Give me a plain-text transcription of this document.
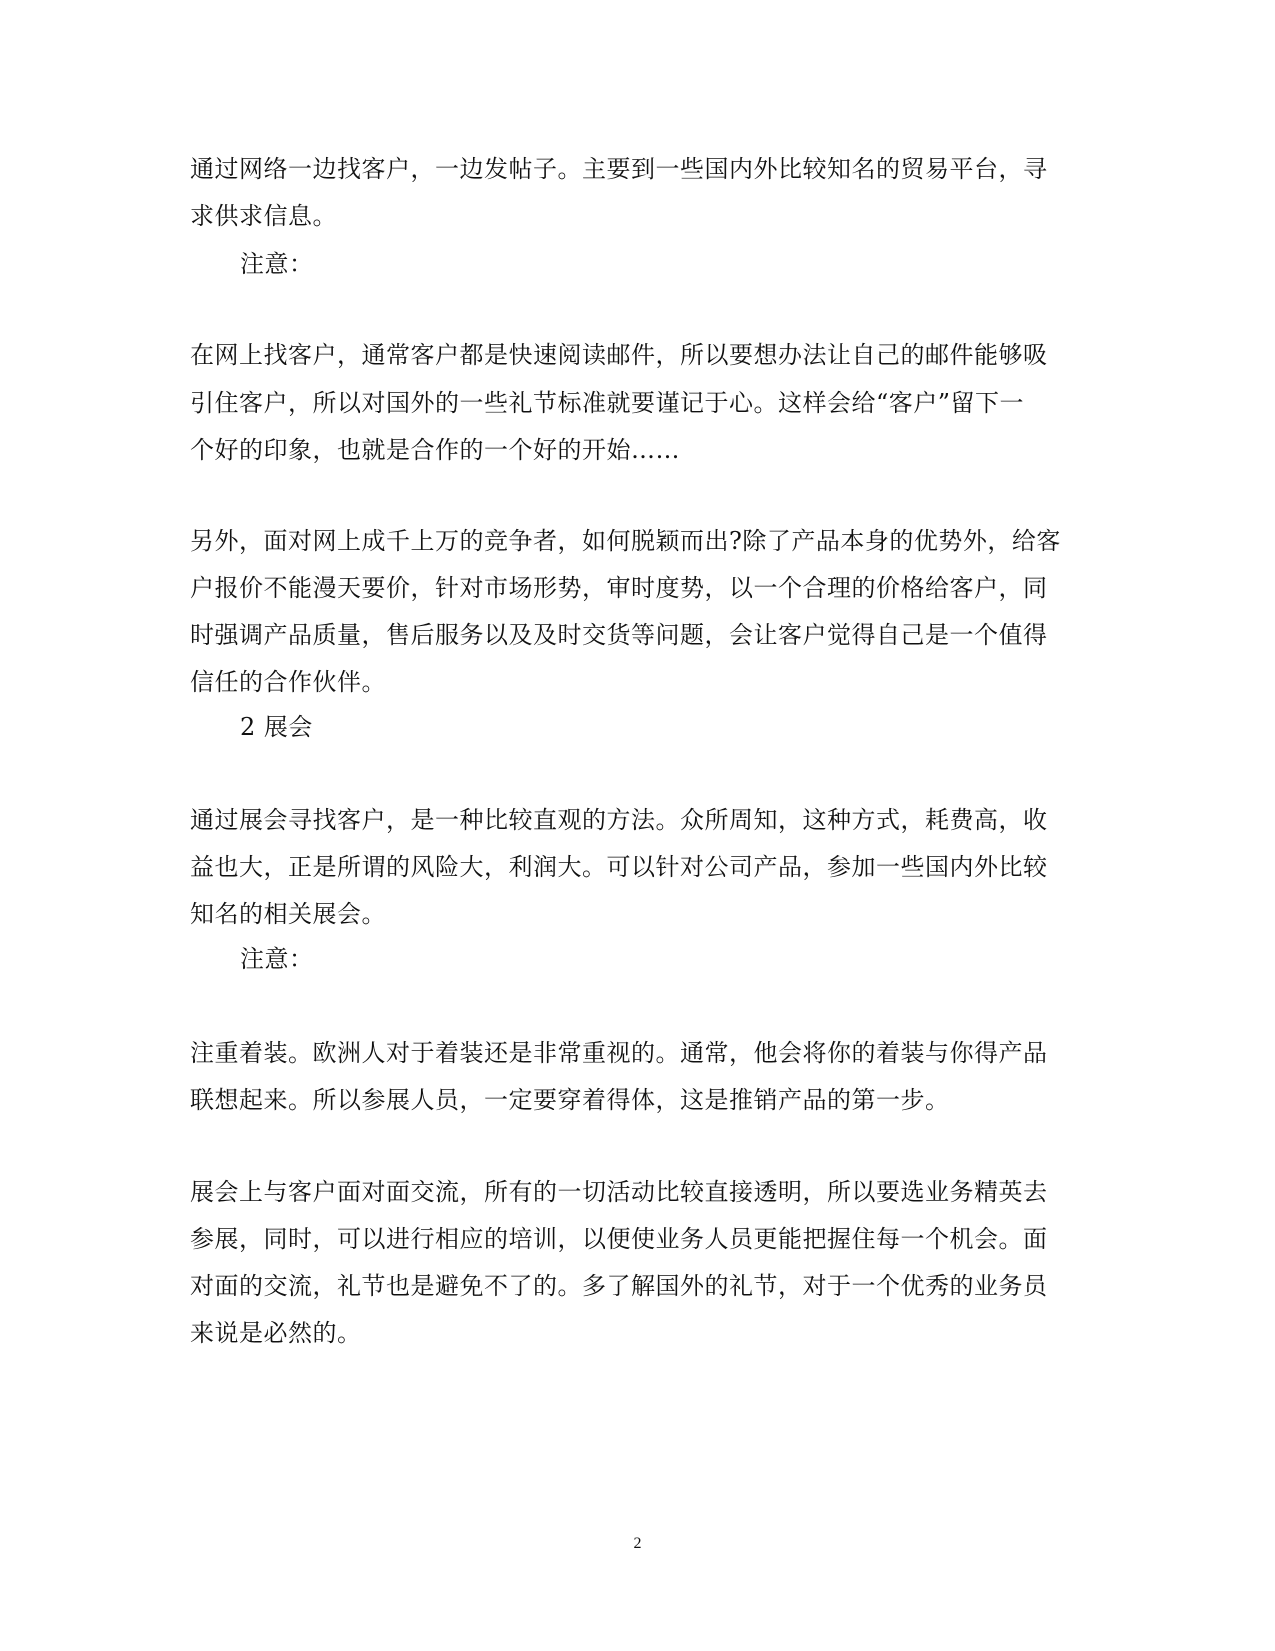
通过网络一边找客户，一边发帖子。主要到一些国内外比较知名的贸易平台，寻
求供求信息。
注意：
在网上找客户，通常客户都是快速阅读邮件，所以要想办法让自己的邮件能够吸
引住客户，所以对国外的一些礼节标准就要谨记于心。这样会给“客户”留下一
个好的印象，也就是合作的一个好的开始……
另外，面对网上成千上万的竞争者，如何脱颖而出?除了产品本身的优势外，给客
户报价不能漫天要价，针对市场形势，审时度势，以一个合理的价格给客户，同
时强调产品质量，售后服务以及及时交货等问题，会让客户觉得自己是一个值得
信任的合作伙伴。
2 展会
通过展会寻找客户，是一种比较直观的方法。众所周知，这种方式，耗费高，收
益也大，正是所谓的风险大，利润大。可以针对公司产品，参加一些国内外比较
知名的相关展会。
注意：
注重着装。欧洲人对于着装还是非常重视的。通常，他会将你的着装与你得产品
联想起来。所以参展人员，一定要穿着得体，这是推销产品的第一步。
展会上与客户面对面交流，所有的一切活动比较直接透明，所以要选业务精英去
参展，同时，可以进行相应的培训，以便使业务人员更能把握住每一个机会。面
对面的交流，礼节也是避免不了的。多了解国外的礼节，对于一个优秀的业务员
来说是必然的。
2
